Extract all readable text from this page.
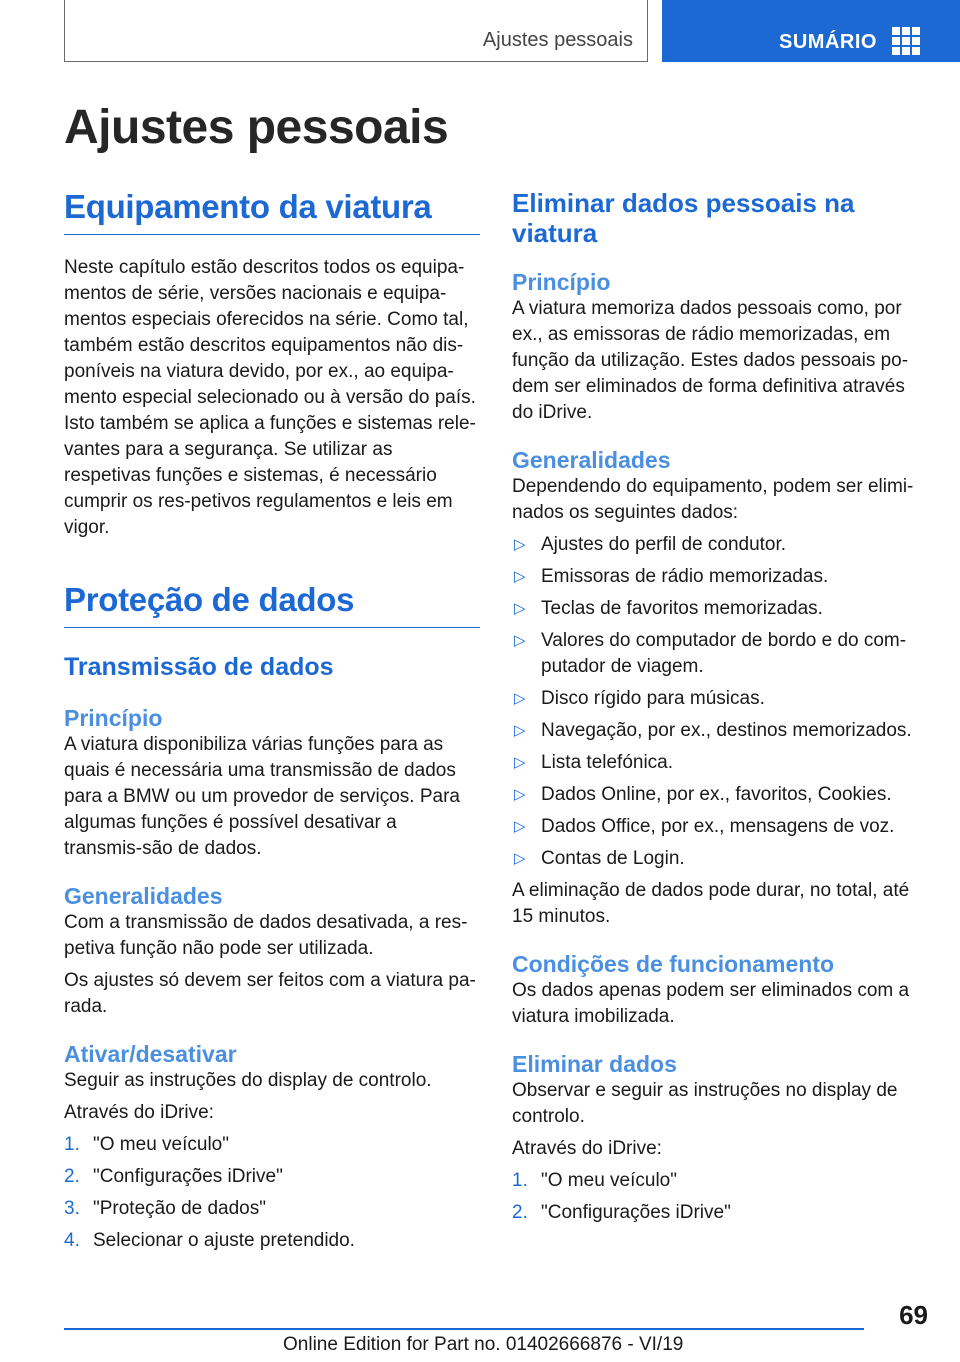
Ajustes pessoais	SUMÁRIO
Ajustes pessoais
Equipamento da viatura

Neste capítulo estão descritos todos os equipa-mentos de série, versões nacionais e equipa-mentos especiais oferecidos na série. Como tal, também estão descritos equipamentos não dis-poníveis na viatura devido, por ex., ao equipa-mento especial selecionado ou à versão do país. Isto também se aplica a funções e sistemas rele-vantes para a segurança. Se utilizar as respetivas funções e sistemas, é necessário cumprir os res-petivos regulamentos e leis em vigor.

Proteção de dados
Transmissão de dados
Princípio

A viatura disponibiliza várias funções para as quais é necessária uma transmissão de dados para a BMW ou um provedor de serviços. Para algumas funções é possível desativar a transmis-são de dados.

Generalidades

Com a transmissão de dados desativada, a res-petiva função não pode ser utilizada.

Os ajustes só devem ser feitos com a viatura pa-rada.

Ativar/desativar

Seguir as instruções do display de controlo.

Através do iDrive:

1. "O meu veículo"
2. "Configurações iDrive"
3. "Proteção de dados"
4. Selecionar o ajuste pretendido.
Eliminar dados pessoais na viatura
Princípio

A viatura memoriza dados pessoais como, por ex., as emissoras de rádio memorizadas, em função da utilização. Estes dados pessoais po-dem ser eliminados de forma definitiva através do iDrive.

Generalidades

Dependendo do equipamento, podem ser elimi-nados os seguintes dados:

▷ Ajustes do perfil de condutor.
▷ Emissoras de rádio memorizadas.
▷ Teclas de favoritos memorizadas.
▷ Valores do computador de bordo e do com-putador de viagem.
▷ Disco rígido para músicas.
▷ Navegação, por ex., destinos memorizados.
▷ Lista telefónica.
▷ Dados Online, por ex., favoritos, Cookies.
▷ Dados Office, por ex., mensagens de voz.
▷ Contas de Login.

A eliminação de dados pode durar, no total, até 15 minutos.

Condições de funcionamento

Os dados apenas podem ser eliminados com a viatura imobilizada.

Eliminar dados

Observar e seguir as instruções no display de controlo.

Através do iDrive:

1. "O meu veículo"
2. "Configurações iDrive"
69
Online Edition for Part no. 01402666876 - VI/19
